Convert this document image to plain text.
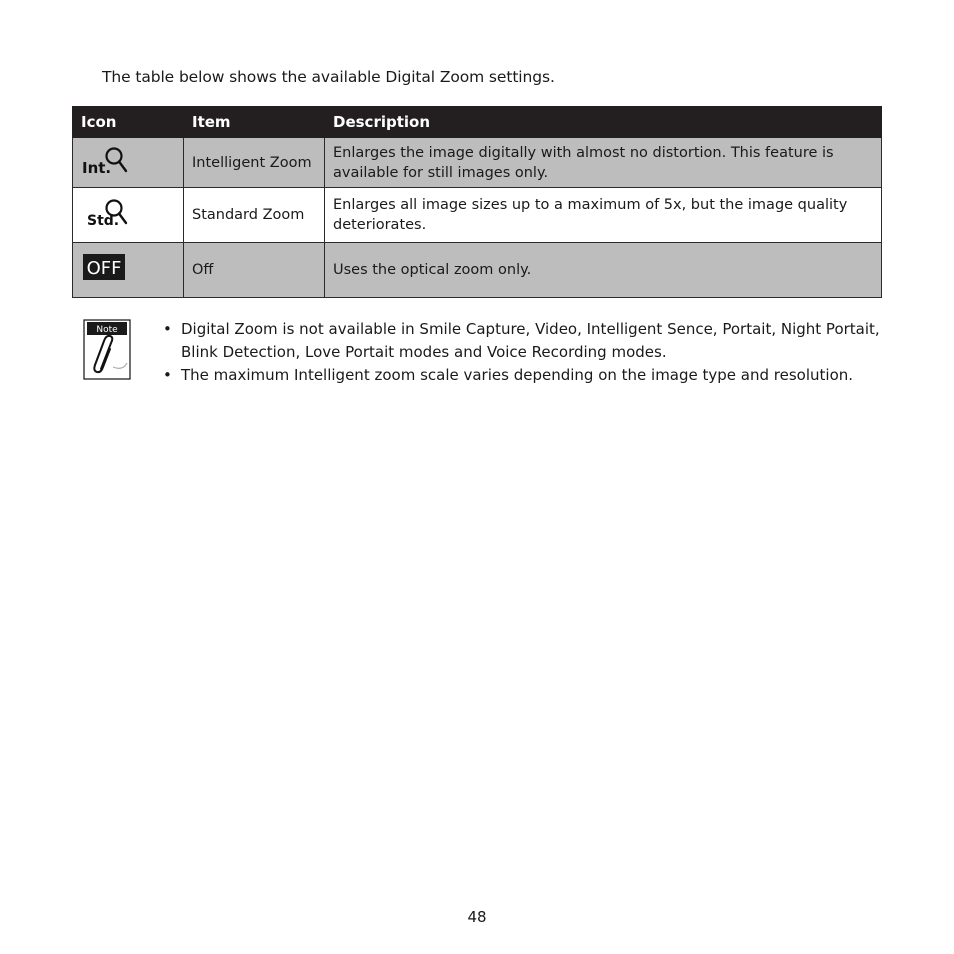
The table below shows the available Digital Zoom settings.
Icon	Item	Description

Int.	Intelligent Zoom	Enlarges the image digitally with almost no distortion. This feature is available for still images only.

Std.	Standard Zoom	Enlarges all image sizes up to a maximum of 5x, but the image quality deteriorates.

OFF	Off	Uses the optical zoom only.
Note	• Digital Zoom is not available in Smile Capture, Video, Intelligent Sence, Portait, Night Portait, Blink Detection, Love Portait modes and Voice Recording modes.
• The maximum Intelligent zoom scale varies depending on the image type and resolution.
48
